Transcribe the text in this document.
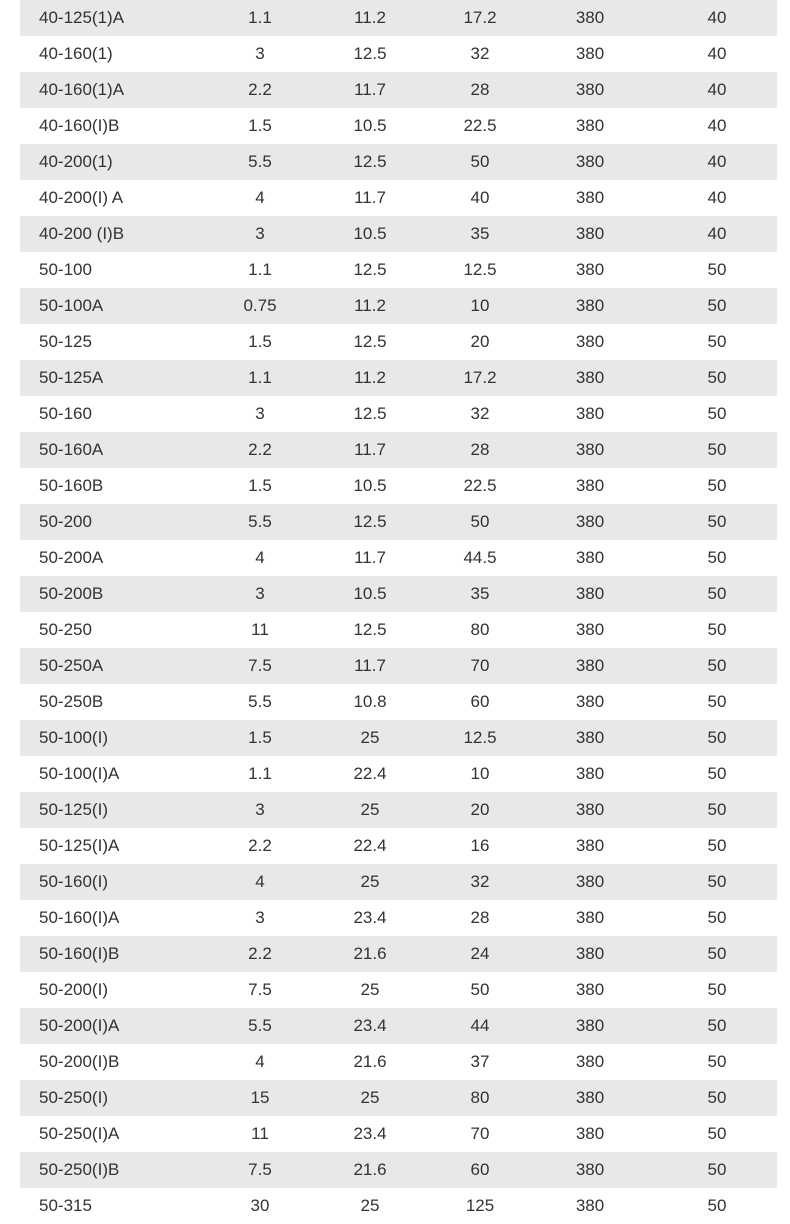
40-125(1)A	1.1	11.2	17.2	380	40
40-160(1)	3	12.5	32	380	40
40-160(1)A	2.2	11.7	28	380	40
40-160(I)B	1.5	10.5	22.5	380	40
40-200(1)	5.5	12.5	50	380	40
40-200(I) A	4	11.7	40	380	40
40-200 (I)B	3	10.5	35	380	40
50-100	1.1	12.5	12.5	380	50
50-100A	0.75	11.2	10	380	50
50-125	1.5	12.5	20	380	50
50-125A	1.1	11.2	17.2	380	50
50-160	3	12.5	32	380	50
50-160A	2.2	11.7	28	380	50
50-160B	1.5	10.5	22.5	380	50
50-200	5.5	12.5	50	380	50
50-200A	4	11.7	44.5	380	50
50-200B	3	10.5	35	380	50
50-250	11	12.5	80	380	50
50-250A	7.5	11.7	70	380	50
50-250B	5.5	10.8	60	380	50
50-100(I)	1.5	25	12.5	380	50
50-100(I)A	1.1	22.4	10	380	50
50-125(I)	3	25	20	380	50
50-125(I)A	2.2	22.4	16	380	50
50-160(I)	4	25	32	380	50
50-160(I)A	3	23.4	28	380	50
50-160(I)B	2.2	21.6	24	380	50
50-200(I)	7.5	25	50	380	50
50-200(I)A	5.5	23.4	44	380	50
50-200(I)B	4	21.6	37	380	50
50-250(I)	15	25	80	380	50
50-250(I)A	11	23.4	70	380	50
50-250(I)B	7.5	21.6	60	380	50
50-315	30	25	125	380	50
